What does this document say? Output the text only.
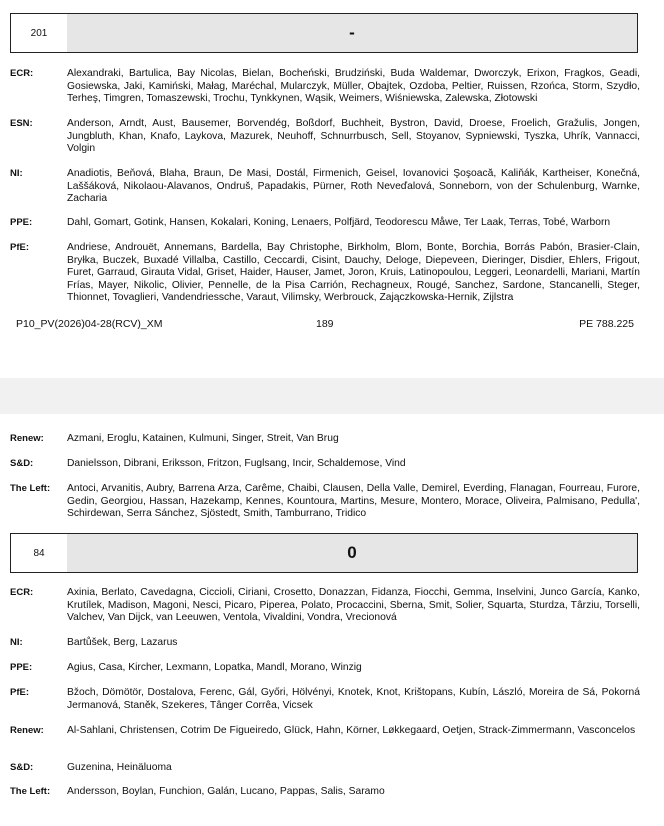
201	-
ECR:	Alexandraki, Bartulica, Bay Nicolas, Bielan, Bocheński, Brudziński, Buda Waldemar, Dworczyk, Erixon, Fragkos, Geadi, Gosiewska, Jaki, Kamiński, Małag, Maréchal, Mularczyk, Müller, Obajtek, Ozdoba, Peltier, Ruissen, Rzońca, Storm, Szydło, Terheş, Timgren, Tomaszewski, Trochu, Tynkkynen, Wąsik, Weimers, Wiśniewska, Zalewska, Złotowski
ESN:	Anderson, Arndt, Aust, Bausemer, Borvendég, Boßdorf, Buchheit, Bystron, David, Droese, Froelich, Gražulis, Jongen, Jungbluth, Khan, Knafo, Laykova, Mazurek, Neuhoff, Schnurrbusch, Sell, Stoyanov, Sypniewski, Tyszka, Uhrík, Vannacci, Volgin
NI:	Anadiotis, Beňová, Blaha, Braun, De Masi, Dostál, Firmenich, Geisel, Iovanovici Şoşoacă, Kaliňák, Kartheiser, Konečná, Laššáková, Nikolaou-Alavanos, Ondruš, Papadakis, Pürner, Roth Neveďalová, Sonneborn, von der Schulenburg, Warnke, Zacharia
PPE:	Dahl, Gomart, Gotink, Hansen, Kokalari, Koning, Lenaers, Polfjärd, Teodorescu Måwe, Ter Laak, Terras, Tobé, Warborn
PfE:	Andriese, Androuët, Annemans, Bardella, Bay Christophe, Birkholm, Blom, Bonte, Borchia, Borrás Pabón, Brasier-Clain, Bryłka, Buczek, Buxadé Villalba, Castillo, Ceccardi, Cisint, Dauchy, Deloge, Diepeveen, Dieringer, Disdier, Ehlers, Frigout, Furet, Garraud, Girauta Vidal, Griset, Haider, Hauser, Jamet, Joron, Kruis, Latinopoulou, Leggeri, Leonardelli, Mariani, Martín Frías, Mayer, Nikolic, Olivier, Pennelle, de la Pisa Carrión, Rechagneux, Rougé, Sanchez, Sardone, Stancanelli, Steger, Thionnet, Tovaglieri, Vandendriessche, Varaut, Vilimsky, Werbrouck, Zajączkowska-Hernik, Zijlstra
P10_PV(2026)04-28(RCV)_XM	189	PE 788.225
Renew:	Azmani, Eroglu, Katainen, Kulmuni, Singer, Streit, Van Brug
S&D:	Danielsson, Dibrani, Eriksson, Fritzon, Fuglsang, Incir, Schaldemose, Vind
The Left:	Antoci, Arvanitis, Aubry, Barrena Arza, Carême, Chaibi, Clausen, Della Valle, Demirel, Everding, Flanagan, Fourreau, Furore, Gedin, Georgiou, Hassan, Hazekamp, Kennes, Kountoura, Martins, Mesure, Montero, Morace, Oliveira, Palmisano, Pedulla', Schirdewan, Serra Sánchez, Sjöstedt, Smith, Tamburrano, Tridico
84	0
ECR:	Axinia, Berlato, Cavedagna, Ciccioli, Ciriani, Crosetto, Donazzan, Fidanza, Fiocchi, Gemma, Inselvini, Junco García, Kanko, Krutílek, Madison, Magoni, Nesci, Picaro, Piperea, Polato, Procaccini, Sberna, Smit, Solier, Squarta, Sturdza, Târziu, Torselli, Valchev, Van Dijck, van Leeuwen, Ventola, Vivaldini, Vondra, Vrecionová
NI:	Bartůšek, Berg, Lazarus
PPE:	Agius, Casa, Kircher, Lexmann, Lopatka, Mandl, Morano, Winzig
PfE:	Bžoch, Dömötör, Dostalova, Ferenc, Gál, Győri, Hölvényi, Knotek, Knot, Krištopans, Kubín, László, Moreira de Sá, Pokorná Jermanová, Staněk, Szekeres, Tânger Corrêa, Vicsek
Renew:	Al-Sahlani, Christensen, Cotrim De Figueiredo, Glück, Hahn, Körner, Løkkegaard, Oetjen, Strack-Zimmermann, Vasconcelos
S&D:	Guzenina, Heinäluoma
The Left:	Andersson, Boylan, Funchion, Galán, Lucano, Pappas, Salis, Saramo
